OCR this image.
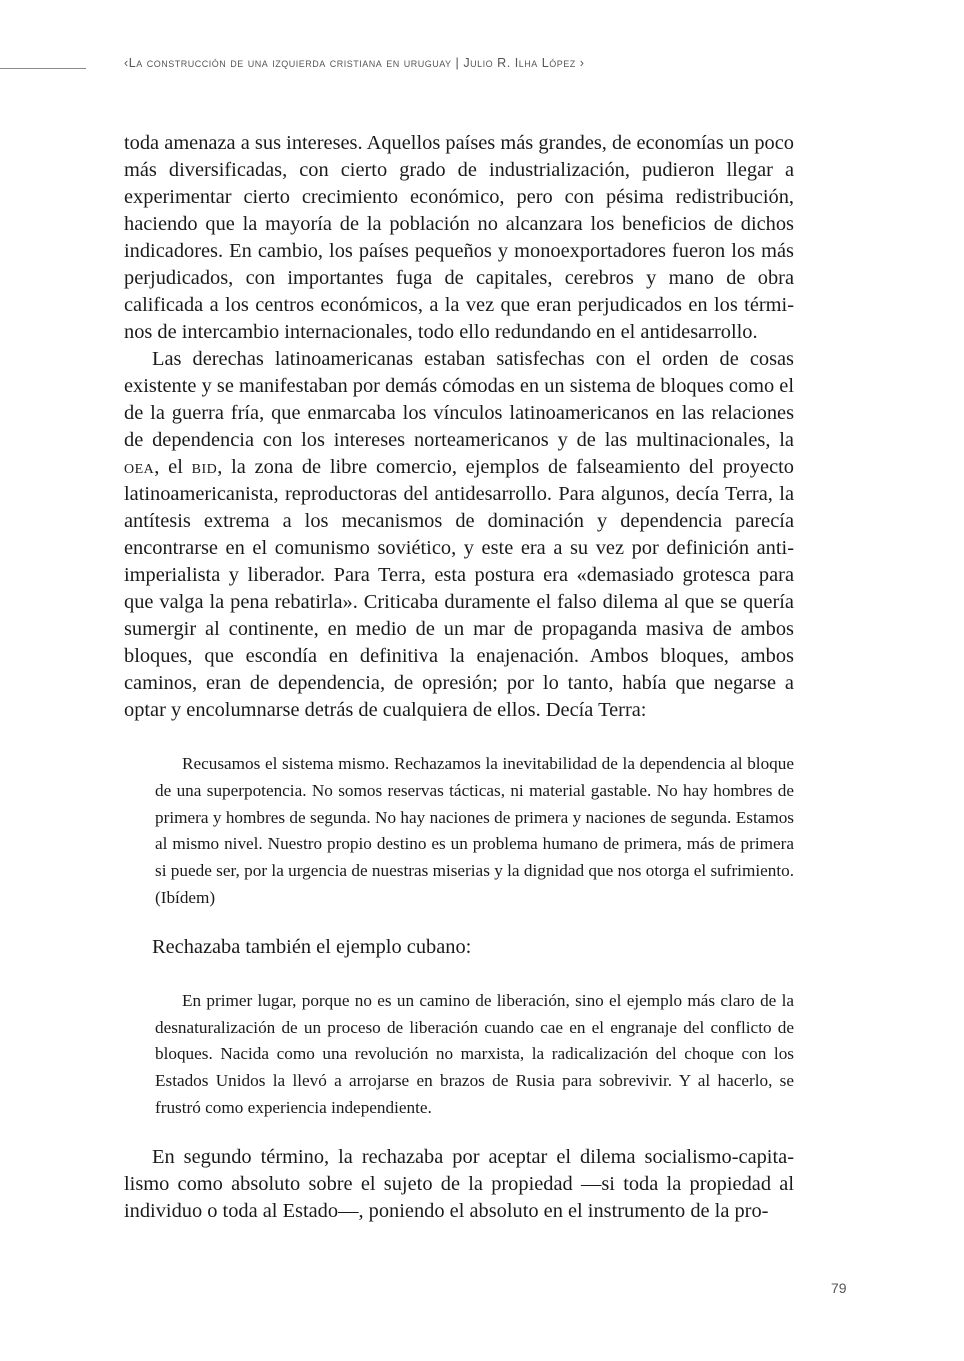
‹La construcción de una izquierda cristiana en uruguay | Julio R. Ilha López ›

toda amenaza a sus intereses. Aquellos países más grandes, de economías un poco más diversificadas, con cierto grado de industrialización, pudieron llegar a experimentar cierto crecimiento económico, pero con pésima redistribución, haciendo que la mayoría de la población no alcanzara los beneficios de dichos indicadores. En cambio, los países pequeños y monoexportadores fueron los más perjudicados, con importantes fuga de capitales, cerebros y mano de obra calificada a los centros económicos, a la vez que eran perjudicados en los términos de intercambio internacionales, todo ello redundando en el antidesarrollo.

Las derechas latinoamericanas estaban satisfechas con el orden de cosas existente y se manifestaban por demás cómodas en un sistema de bloques como el de la guerra fría, que enmarcaba los vínculos latinoamericanos en las relaciones de dependencia con los intereses norteamericanos y de las multinacionales, la oea, el bid, la zona de libre comercio, ejemplos de falseamiento del proyecto latinoamericanista, reproductoras del antidesarrollo. Para algunos, decía Terra, la antítesis extrema a los mecanismos de dominación y dependencia parecía encontrarse en el comunismo soviético, y este era a su vez por definición antiimperialista y liberador. Para Terra, esta postura era «demasiado grotesca para que valga la pena rebatirla». Criticaba duramente el falso dilema al que se quería sumergir al continente, en medio de un mar de propaganda masiva de ambos bloques, que escondía en definitiva la enajenación. Ambos bloques, ambos caminos, eran de dependencia, de opresión; por lo tanto, había que negarse a optar y encolumnarse detrás de cualquiera de ellos. Decía Terra:

Recusamos el sistema mismo. Rechazamos la inevitabilidad de la dependencia al bloque de una superpotencia. No somos reservas tácticas, ni material gastable. No hay hombres de primera y hombres de segunda. No hay naciones de primera y naciones de segunda. Estamos al mismo nivel. Nuestro propio destino es un problema humano de primera, más de primera si puede ser, por la urgencia de nuestras miserias y la dignidad que nos otorga el sufrimiento. (Ibídem)

Rechazaba también el ejemplo cubano:

En primer lugar, porque no es un camino de liberación, sino el ejemplo más claro de la desnaturalización de un proceso de liberación cuando cae en el engranaje del conflicto de bloques. Nacida como una revolución no marxista, la radicalización del choque con los Estados Unidos la llevó a arrojarse en brazos de Rusia para sobrevivir. Y al hacerlo, se frustró como experiencia independiente.

En segundo término, la rechazaba por aceptar el dilema socialismo-capitalismo como absoluto sobre el sujeto de la propiedad —si toda la propiedad al individuo o toda al Estado—, poniendo el absoluto en el instrumento de la pro-

79
